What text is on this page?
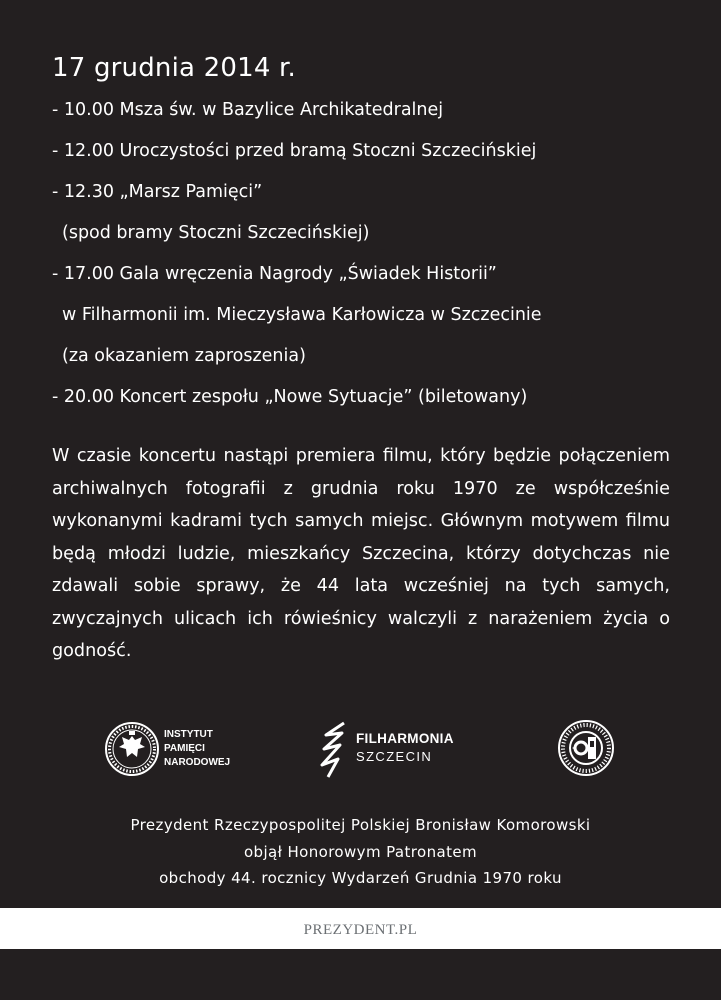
17 grudnia 2014 r.
- 10.00 Msza św. w Bazylice Archikatedralnej
- 12.00 Uroczystości przed bramą Stoczni Szczecińskiej
- 12.30 „Marsz Pamięci”
(spod bramy Stoczni Szczecińskiej)
- 17.00 Gala wręczenia Nagrody „Świadek Historii”
w Filharmonii im. Mieczysława Karłowicza w Szczecinie
(za okazaniem zaproszenia)
- 20.00 Koncert zespołu „Nowe Sytuacje” (biletowany)
W czasie koncertu nastąpi premiera filmu, który będzie połączeniem archiwalnych fotografii z grudnia roku 1970 ze współcześnie wykonanymi kadrami tych samych miejsc. Głównym motywem filmu będą młodzi ludzie, mieszkańcy Szczecina, którzy dotychczas nie zdawali sobie sprawy, że 44 lata wcześniej na tych samych, zwyczajnych ulicach ich rówieśnicy walczyli z narażeniem życia o godność.
INSTYTUT
PAMIĘCI
NARODOWEJ
FILHARMONIA
SZCZECIN
Prezydent Rzeczypospolitej Polskiej Bronisław Komorowski
objął Honorowym Patronatem
obchody 44. rocznicy Wydarzeń Grudnia 1970 roku
PREZYDENT.PL
